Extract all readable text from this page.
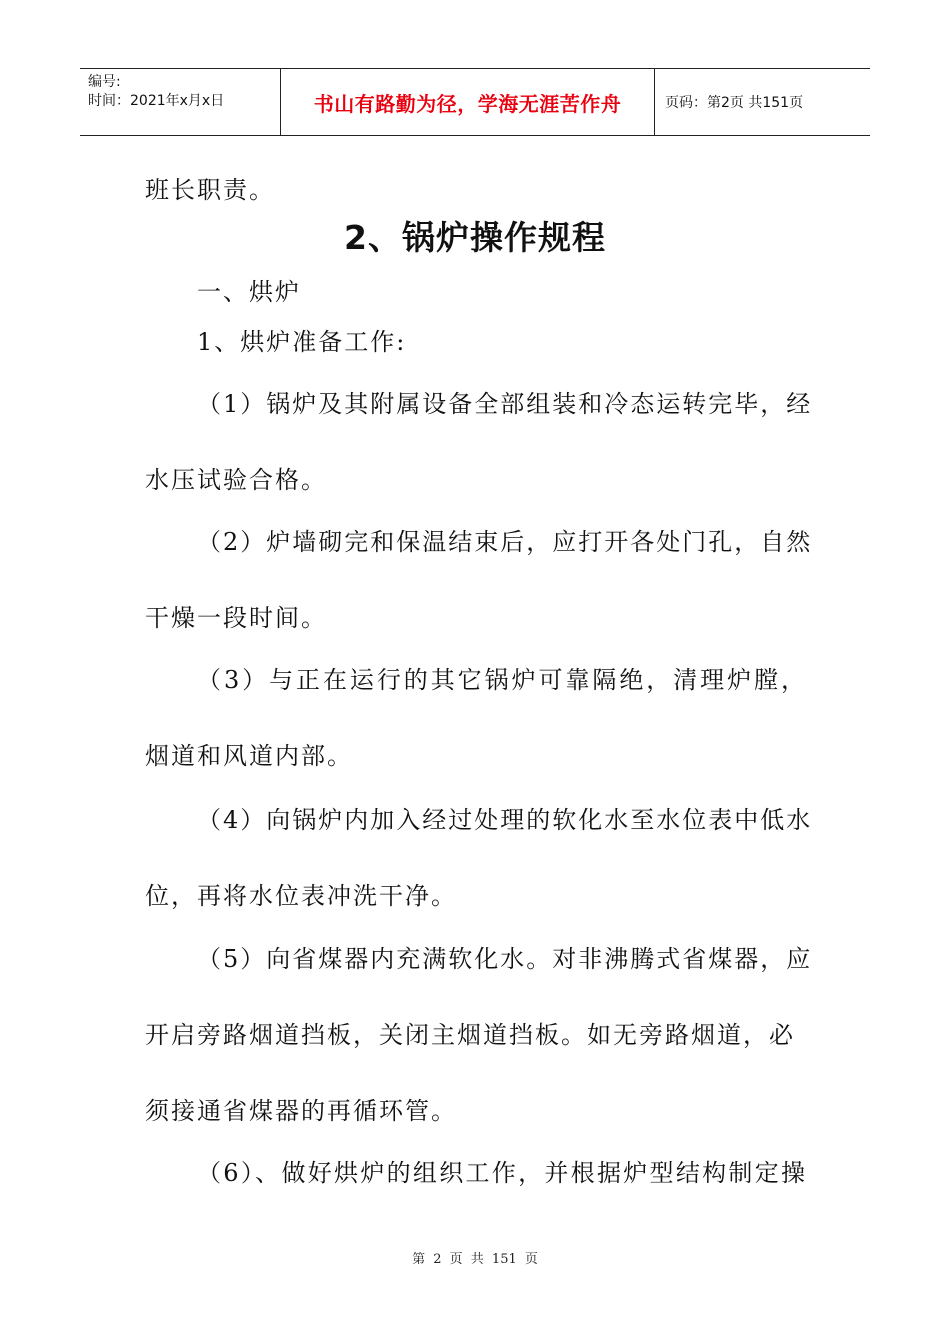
编号:
时间：2021年x月x日	书山有路勤为径，学海无涯苦作舟	页码：第2页 共151页
班长职责。
2、锅炉操作规程
一、烘炉
1、烘炉准备工作:
（1）锅炉及其附属设备全部组装和冷态运转完毕，经
水压试验合格。
（2）炉墙砌完和保温结束后，应打开各处门孔，自然
干燥一段时间。
（3）与正在运行的其它锅炉可靠隔绝，清理炉膛，
烟道和风道内部。
（4）向锅炉内加入经过处理的软化水至水位表中低水
位，再将水位表冲洗干净。
（5）向省煤器内充满软化水。对非沸腾式省煤器，应
开启旁路烟道挡板，关闭主烟道挡板。如无旁路烟道，必
须接通省煤器的再循环管。
（6）、做好烘炉的组织工作，并根据炉型结构制定操
第 2 页 共 151 页
